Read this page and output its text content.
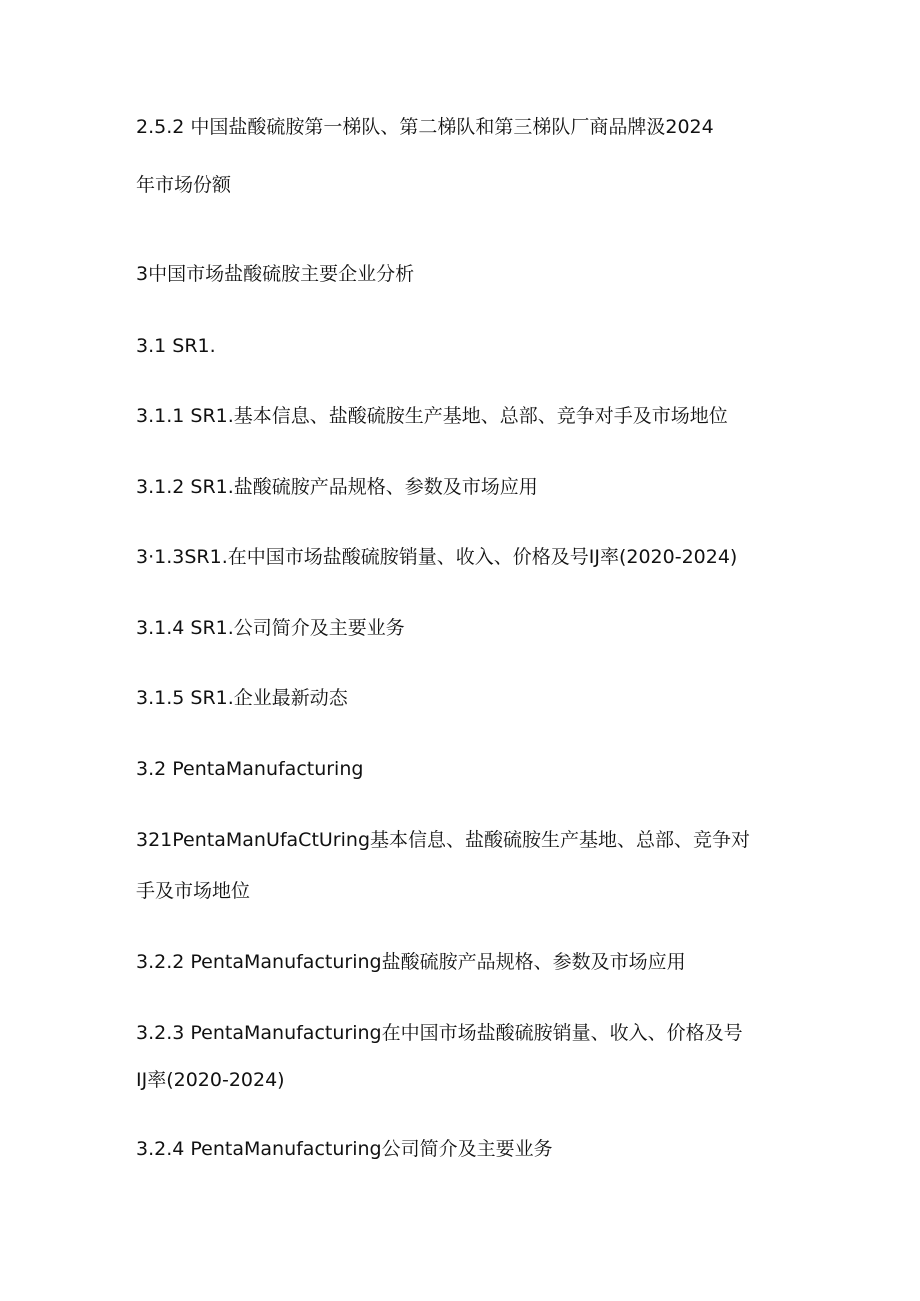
2.5.2 中国盐酸硫胺第一梯队、第二梯队和第三梯队厂商品牌汲2024
年市场份额
3中国市场盐酸硫胺主要企业分析
3.1 SR1.
3.1.1 SR1.基本信息、盐酸硫胺生产基地、总部、竞争对手及市场地位
3.1.2 SR1.盐酸硫胺产品规格、参数及市场应用
3·1.3SR1.在中国市场盐酸硫胺销量、收入、价格及号IJ率(2020-2024)
3.1.4 SR1.公司简介及主要业务
3.1.5 SR1.企业最新动态
3.2 PentaManufacturing
321PentaManUfaCtUring基本信息、盐酸硫胺生产基地、总部、竞争对
手及市场地位
3.2.2 PentaManufacturing盐酸硫胺产品规格、参数及市场应用
3.2.3 PentaManufacturing在中国市场盐酸硫胺销量、收入、价格及号
IJ率(2020-2024)
3.2.4 PentaManufacturing公司简介及主要业务
